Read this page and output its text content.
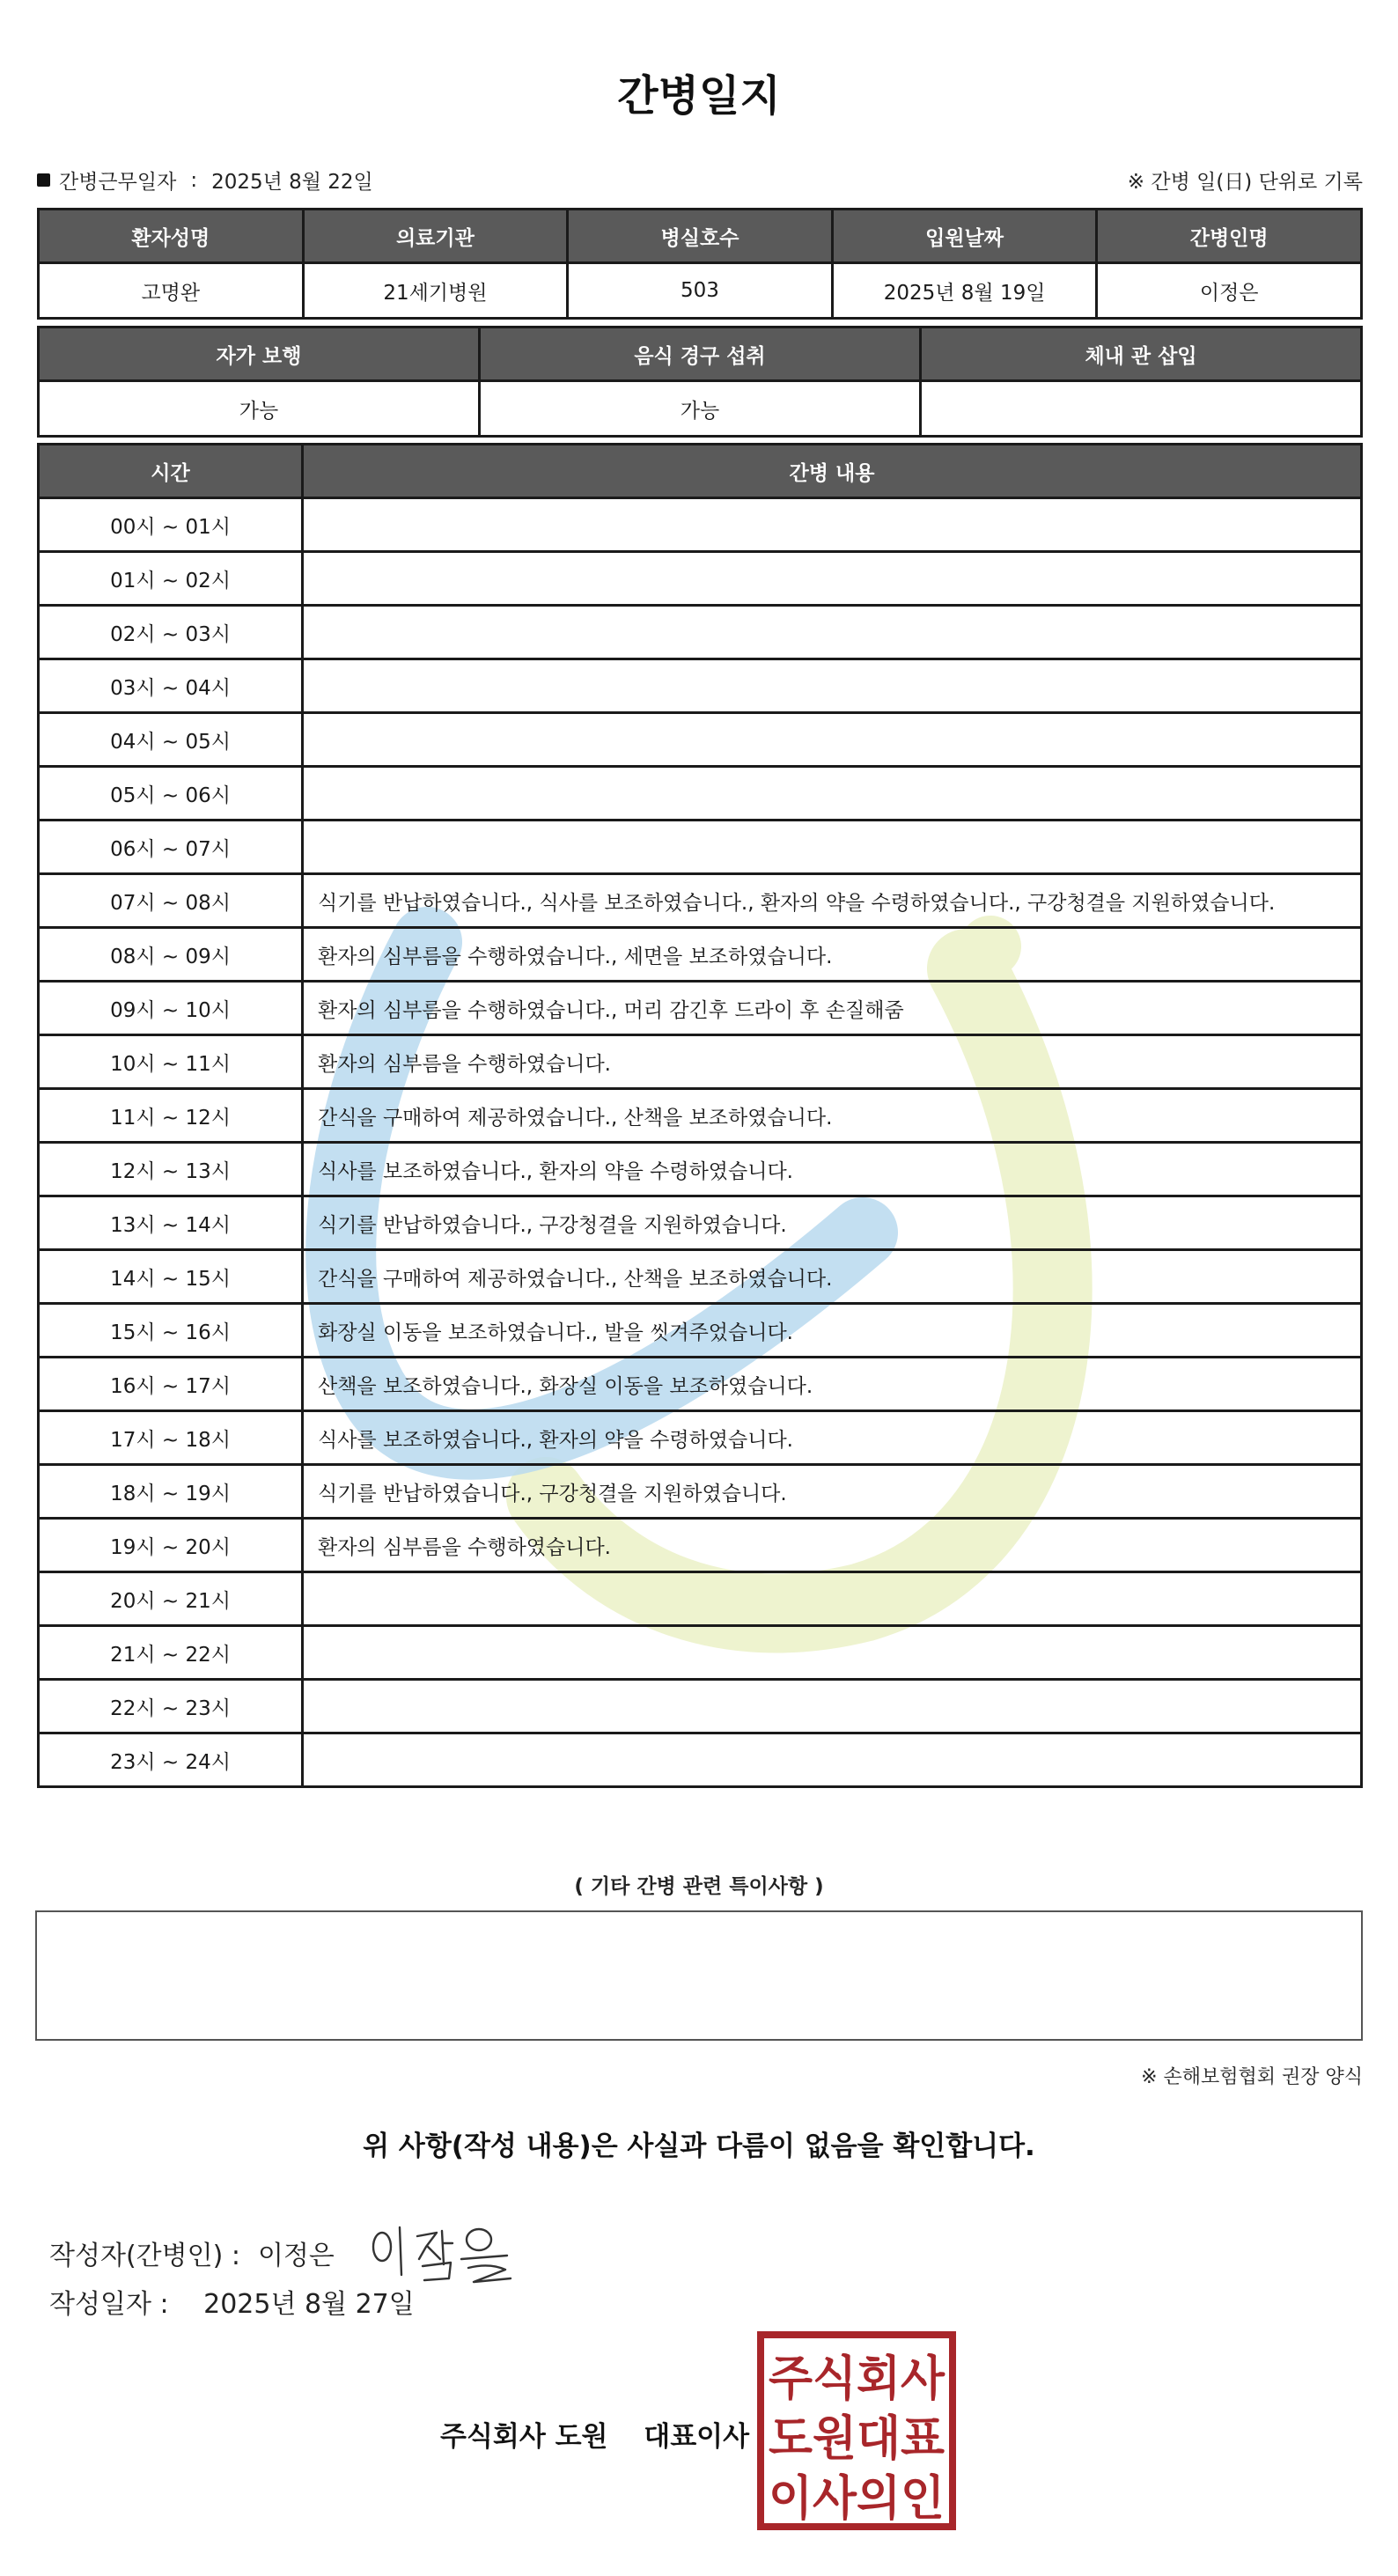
간병일지
간병근무일자 : 2025년 8월 22일	※ 간병 일(日) 단위로 기록
환자성명	의료기관	병실호수	입원날짜	간병인명
고명완	21세기병원	503	2025년 8월 19일	이정은
자가 보행	음식 경구 섭취	체내 관 삽입
가능	가능	
시간	간병 내용
00시 ~ 01시	
01시 ~ 02시	
02시 ~ 03시	
03시 ~ 04시	
04시 ~ 05시	
05시 ~ 06시	
06시 ~ 07시	
07시 ~ 08시	식기를 반납하였습니다., 식사를 보조하였습니다., 환자의 약을 수령하였습니다., 구강청결을 지원하였습니다.
08시 ~ 09시	환자의 심부름을 수행하였습니다., 세면을 보조하였습니다.
09시 ~ 10시	환자의 심부름을 수행하였습니다., 머리 감긴후 드라이 후 손질해줌
10시 ~ 11시	환자의 심부름을 수행하였습니다.
11시 ~ 12시	간식을 구매하여 제공하였습니다., 산책을 보조하였습니다.
12시 ~ 13시	식사를 보조하였습니다., 환자의 약을 수령하였습니다.
13시 ~ 14시	식기를 반납하였습니다., 구강청결을 지원하였습니다.
14시 ~ 15시	간식을 구매하여 제공하였습니다., 산책을 보조하였습니다.
15시 ~ 16시	화장실 이동을 보조하였습니다., 발을 씻겨주었습니다.
16시 ~ 17시	산책을 보조하였습니다., 화장실 이동을 보조하였습니다.
17시 ~ 18시	식사를 보조하였습니다., 환자의 약을 수령하였습니다.
18시 ~ 19시	식기를 반납하였습니다., 구강청결을 지원하였습니다.
19시 ~ 20시	환자의 심부름을 수행하였습니다.
20시 ~ 21시	
21시 ~ 22시	
22시 ~ 23시	
23시 ~ 24시	
( 기타 간병 관련 특이사항 )
※ 손해보험협회 권장 양식
위 사항(작성 내용)은 사실과 다름이 없음을 확인합니다.
작성자(간병인) : 이정은
작성일자 : 2025년 8월 27일
주식회사 도원 대표이사
주식회사
도원대표
이사의인
